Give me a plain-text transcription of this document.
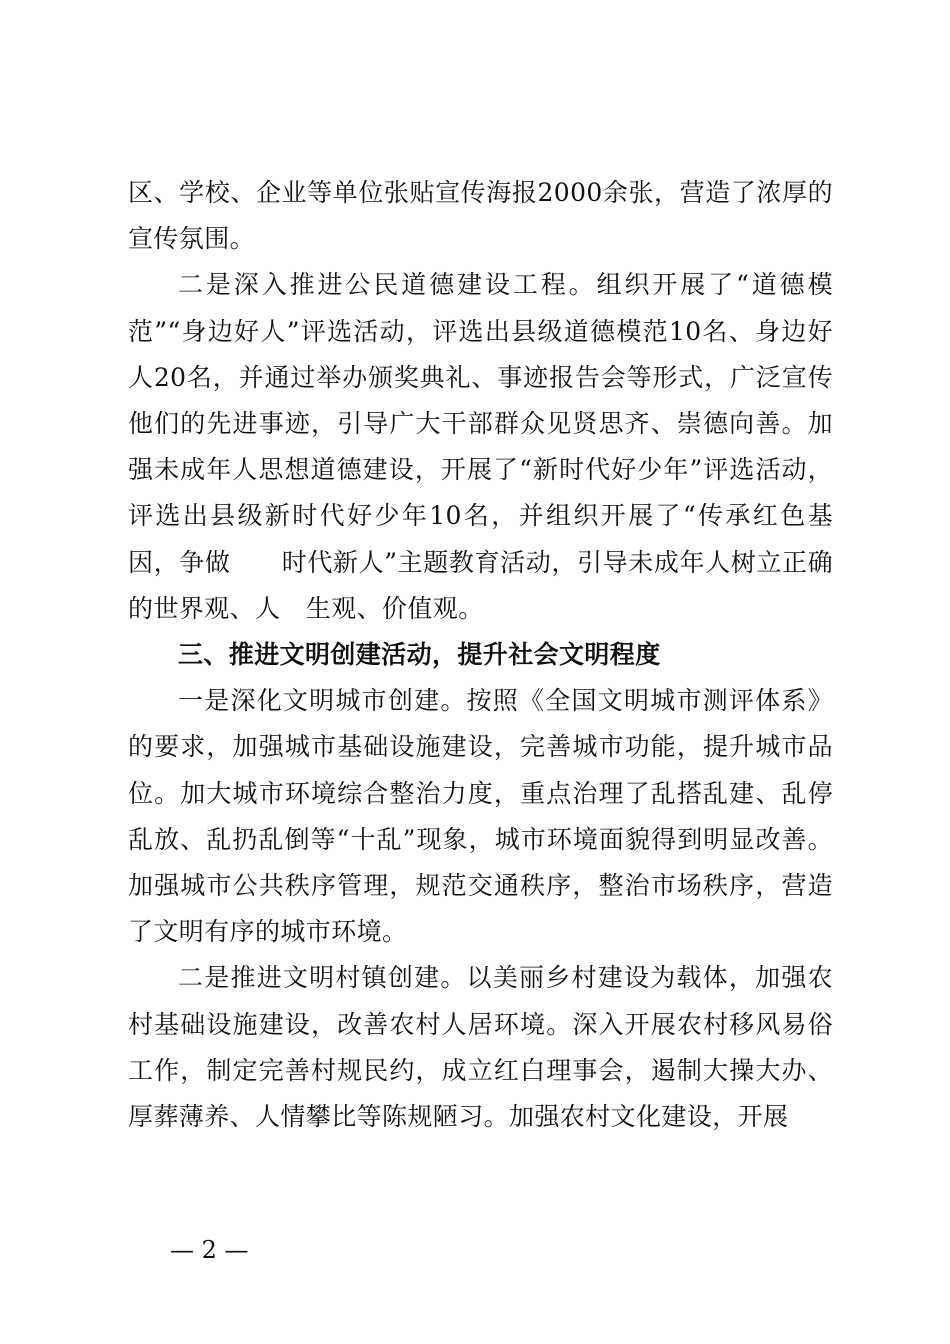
区、学校、企业等单位张贴宣传海报2000余张，营造了浓厚的宣传氛围。

二是深入推进公民道德建设工程。组织开展了“道德模范”“身边好人”评选活动，评选出县级道德模范10名、身边好人20名，并通过举办颁奖典礼、事迹报告会等形式，广泛宣传他们的先进事迹，引导广大干部群众见贤思齐、崇德向善。加强未成年人思想道德建设，开展了“新时代好少年”评选活动，评选出县级新时代好少年10名，并组织开展了“传承红色基因，争做　　时代新人”主题教育活动，引导未成年人树立正确的世界观、人　生观、价值观。

三、推进文明创建活动，提升社会文明程度

一是深化文明城市创建。按照《全国文明城市测评体系》的要求，加强城市基础设施建设，完善城市功能，提升城市品位。加大城市环境综合整治力度，重点治理了乱搭乱建、乱停乱放、乱扔乱倒等“十乱”现象，城市环境面貌得到明显改善。加强城市公共秩序管理，规范交通秩序，整治市场秩序，营造了文明有序的城市环境。

二是推进文明村镇创建。以美丽乡村建设为载体，加强农村基础设施建设，改善农村人居环境。深入开展农村移风易俗工作，制定完善村规民约，成立红白理事会，遏制大操大办、厚葬薄养、人情攀比等陈规陋习。加强农村文化建设，开展

— 2 —
